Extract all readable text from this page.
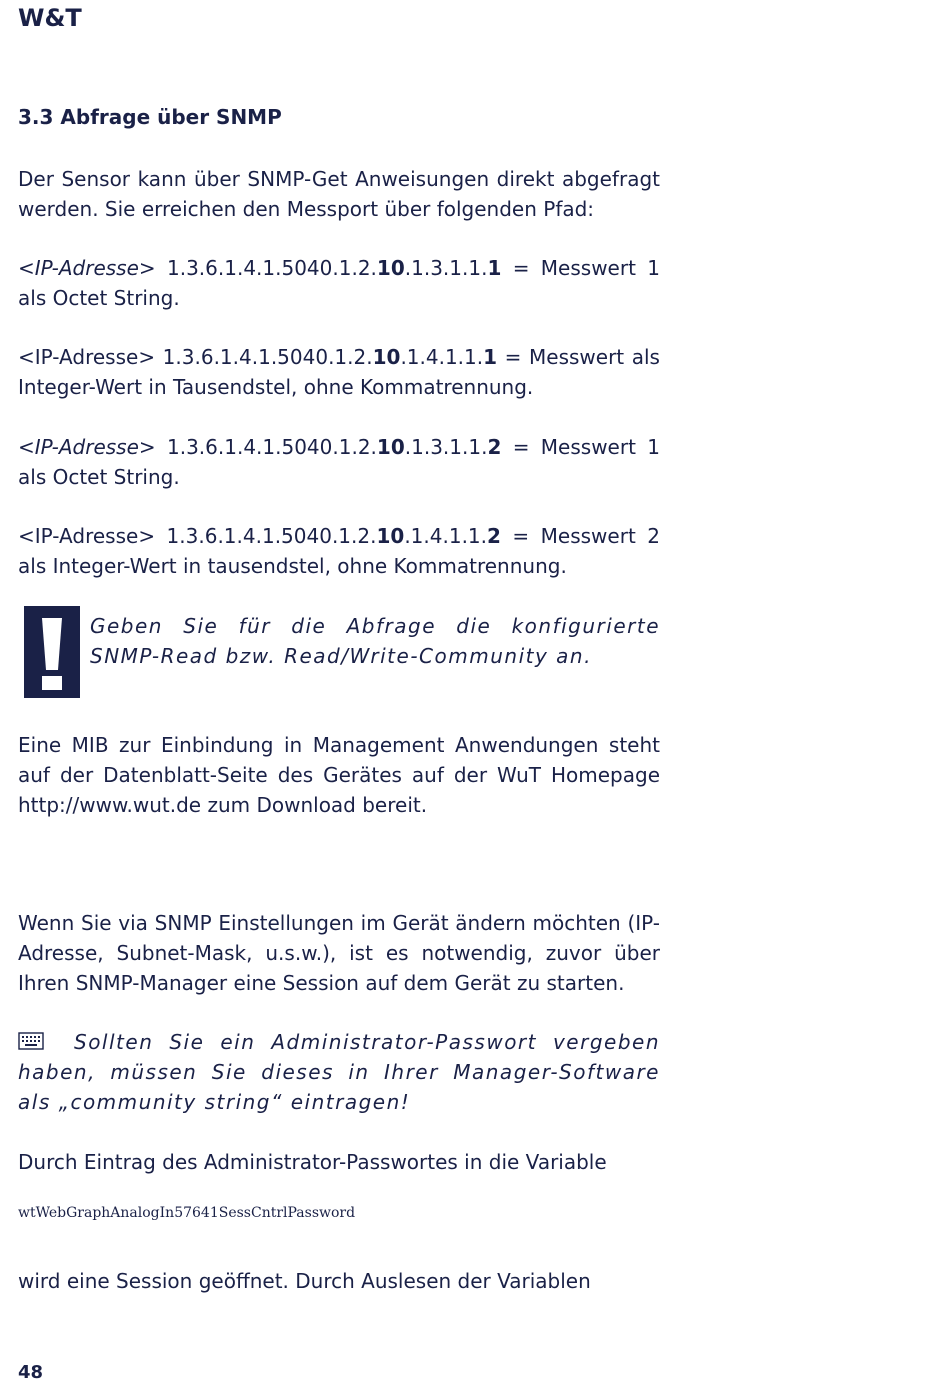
W&T
3.3 Abfrage über SNMP

Der Sensor kann über SNMP-Get Anweisungen direkt abgefragt werden. Sie erreichen den Messport über folgenden Pfad:

<IP-Adresse> 1.3.6.1.4.1.5040.1.2.10.1.3.1.1.1 = Messwert 1 als Octet String.

<IP-Adresse> 1.3.6.1.4.1.5040.1.2.10.1.4.1.1.1 = Messwert als Integer-Wert in Tausendstel, ohne Kommatrennung.

<IP-Adresse> 1.3.6.1.4.1.5040.1.2.10.1.3.1.1.2 = Messwert 1 als Octet String.

<IP-Adresse> 1.3.6.1.4.1.5040.1.2.10.1.4.1.1.2 = Messwert 2 als Integer-Wert in tausendstel, ohne Kommatrennung.

Geben Sie für die Abfrage die konfigurierte SNMP-Read bzw. Read/Write-Community an.

Eine MIB zur Einbindung in Management Anwendungen steht auf der Datenblatt-Seite des Gerätes auf der WuT Homepage http://www.wut.de zum Download bereit.

Wenn Sie via SNMP Einstellungen im Gerät ändern möchten (IP-Adresse, Subnet-Mask, u.s.w.), ist es notwendig, zuvor über Ihren SNMP-Manager eine Session auf dem Gerät zu starten.

Sollten Sie ein Administrator-Passwort vergeben haben, müssen Sie dieses in Ihrer Manager-Software als „community string“ eintragen!

Durch Eintrag des Administrator-Passwortes in die Variable

wtWebGraphAnalogIn57641SessCntrlPassword

wird eine Session geöffnet. Durch Auslesen der Variablen

48
